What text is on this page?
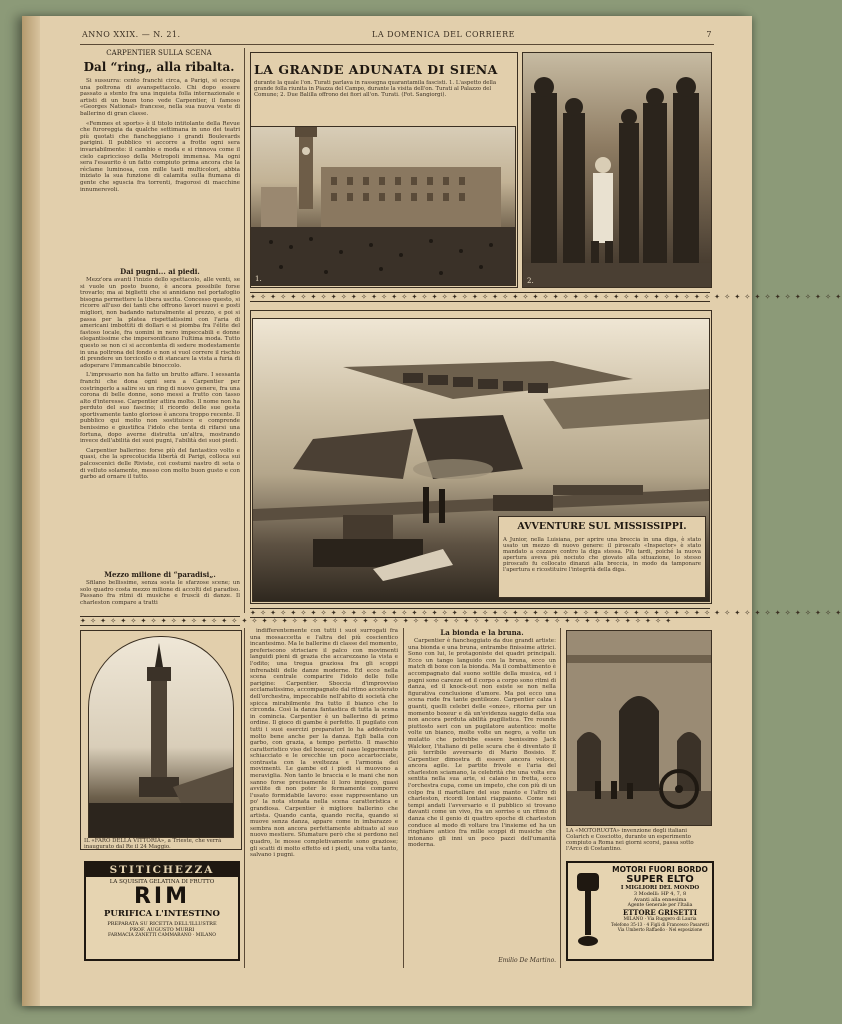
ANNO XXIX. — N. 21.	LA DOMENICA DEL CORRIERE	7
CARPENTIER SULLA SCENA
Dal “ring„ alla ribalta.

Si sussurra: cento franchi circa, a Parigi, si occupa una poltrona di avanspettacolo. Chi dopo essere passato a stento fra una inquieta folla internazionale e artisti di un buon tono vede Carpentier, il famoso «Georges National» francese, nella sua nuova veste di ballerino di gran classe.

«Femmes et sports» è il titolo intitolante della Revue che furoreggia da qualche settimana in uno dei teatri più quotati che fiancheggiano i grandi Boulevards parigini. Il pubblico vi accorre a frotte ogni sera invariabilmente: il cambio e moda e si rinnova come il cielo capriccioso della Metropoli immensa. Ma ogni sera l'esaurito è un fatto compiuto prima ancora che la réclame luminosa, con mille tasti multicolori, abbia iniziato la sua funzione di calamita sulla fiumana di gente che sguscia fra torrenti, fragorosi di macchine innumerevoli.

Dai pugni... ai piedi.

Mezz'ora avanti l'inizio dello spettacolo, alle venti, se si vuole un posto buono, è ancora possibile forse trovarlo; ma ai biglietti che si annidano nel portafoglio bisogna permettere la libera uscita. Concesso questo, si ricorre all'uso dei tanti che offrono lavori nuovi e posti migliori, non badando naturalmente al prezzo, e poi si passa per la platea rispettatissimi con l'aria di americani imbottiti di dollari e si piomba fra l'élite del fastoso locale, fra uomini in nero impeccabili e donne elegantissime che impersonificano l'ultima moda. Tutto questo se non ci si accontenta di sedere modestamente in una poltrona del fondo e non si vuol correre il rischio di prendere un torcicollo o di stancare la vista a furia di adoperare l'immancabile binoccolo.

L'impresario non ha fatto un brutto affare. I sessanta franchi che dona ogni sera a Carpentier per costringerlo a salire su un ring di nuovo genere, fra una corona di belle donne, sono messi a frutto con tasso alto d'interesse. Carpentier attira molto. Il nome non ha perduto del suo fascino; il ricordo delle sue gesta sportivamente tanto gloriose è ancora troppo recente. Il pubblico qui molto non sostituisce e comprende benissimo e giustifica l'idolo che tenta di rifarsi una fortuna, dopo averne distrutta un'altra, mostrando invece dell'abilità dei suoi pugni, l'abilità dei suoi piedi.

Carpentier ballerino: forse più del fantastico volto e quasi, che la sprecolucida libertà di Parigi, colloca sui palcoscenici delle Riviste, coi costumi nastro di seta o di velluto solamente, messo con molto buon gusto e con garbo ad ornare il tutto.

Mezzo milione di “paradisi„.

Sfilano bellissime, senza sosta le sfarzose scene; un solo quadro costa mezzo milione di accolti del paradiso. Passano fra ritmi di musiche e fruscìi di danze. Il charleston compare a tratti

LA GRANDE ADUNATA DI SIENA
durante la quale l'on. Turati parlava in rassegna quarantamila fascisti. 1. L'aspetto della grande folla riunita in Piazza del Campo, durante la visita dell'on. Turati al Palazzo del Comune; 2. Due Balilla offrono dei fiori all'on. Turati. (Fot. Sangiorgi).
1.	2.
✦ ✧ ✦ ✧ ✦ ✧ ✦ ✧ ✦ ✧ ✦ ✧ ✦ ✧ ✦ ✧ ✦ ✧ ✦ ✧ ✦ ✧ ✦ ✧ ✦ ✧ ✦ ✧ ✦ ✧ ✦ ✧ ✦ ✧ ✦ ✧ ✦ ✧ ✦ ✧ ✦ ✧ ✦ ✧ ✦ ✧ ✦ ✧ ✦ ✧ ✦ ✧ ✦ ✧ ✦ ✧ ✦ ✧ ✦
AVVENTURE SUL MISSISSIPPI.
A Junior, nella Luisiana, per aprire una breccia in una diga, è stato usato un mezzo di nuovo genere: il piroscafo «Inspector» è stato mandato a cozzare contro la diga stessa. Più tardi, poiché la nuova apertura aveva più nociuto che giovato alla situazione, lo stesso piroscafo fu collocato dinanzi alla breccia, in modo da tamponare l'apertura e ricostituire l'integrità della diga.
✦ ✧ ✦ ✧ ✦ ✧ ✦ ✧ ✦ ✧ ✦ ✧ ✦ ✧ ✦ ✧ ✦ ✧ ✦ ✧ ✦ ✧ ✦ ✧ ✦ ✧ ✦ ✧ ✦ ✧ ✦ ✧ ✦ ✧ ✦ ✧ ✦ ✧ ✦ ✧ ✦ ✧ ✦ ✧ ✦ ✧ ✦ ✧ ✦ ✧ ✦ ✧ ✦ ✧ ✦ ✧ ✦ ✧ ✦
✦ ✧ ✦ ✧ ✦ ✧ ✦ ✧ ✦ ✧ ✦ ✧ ✦ ✧ ✦ ✧ ✦ ✧ ✦ ✧ ✦ ✧ ✦ ✧ ✦ ✧ ✦ ✧ ✦ ✧ ✦ ✧ ✦ ✧ ✦ ✧ ✦ ✧ ✦ ✧ ✦ ✧ ✦ ✧ ✦ ✧ ✦ ✧ ✦ ✧ ✦ ✧ ✦ ✧ ✦ ✧ ✦ ✧ ✦
IL «FARO DELLA VITTORIA», a Trieste, che verrà inaugurato dal Re il 24 Maggio.
STITICHEZZA
LA SQUISITA GELATINA DI FRUTTO
RIM
PURIFICA L'INTESTINO
PREPARATA SU RICETTA DELL'ILLUSTRE
PROF. AUGUSTO MURRI
FARMACIA ZANETTI CAMMARANO · MILANO

indifferentemente con tutti i suoi surrogati fra una mossaccetta e l'altra del più coscientico incantesimo. Ma le ballerine di classe del momento, preferiscono strisciare il palco con movimenti languidi pieni di grazia che accarezzano la vista e l'odito; una tregua graziosa fra gli scoppi infrenabili delle danze moderne. Ed ecco nella scena centrale comparire l'idolo delle folle parigine: Carpentier. Sboccia d'improvviso acclamatissimo, accompagnato dal ritmo accelerato dell'orchestra, impeccabile nell'abito di società che spicca mirabilmente fra tutto il bianco che lo circonda. Così la danza fantastica di tutta la scena in comincia. Carpentier è un ballerino di primo ordine. Il gioco di gambe è perfetto. Il pugilato con tutti i suoi esercizi preparatori lo ha addestrato molto bene anche per la danza. Egli balla con garbo, con grazia, a tempo perfetto. Il maschio caratteristico viso del boxeur, col naso leggermente schiacciato e le orecchie un poco accartocciate, contrasta con la sveltezza e l'armonia dei movimenti. Le gambe ed i piedi si muovono a meraviglia. Non tanto le braccia e le mani che non sanno forse precisamente il loro impiego, quasi avvilite di non poter le fermamente comporre l'usato formidabile lavoro: esse rappresentano un po' la nota stonata nella scena caratteristica e grandiosa. Carpentier è migliore ballerino che artista. Quando canta, quando recita, quando si muove senza danza, appare come in imbarazzo e sembra non ancora perfettamente abituato al suo nuovo mestiere. Sfumature però che si perdono nel quadro, le mosse completivamente sono graziose; gli scatti di molto effetto ed i piedi, una volta tanto, salvano i pugni.

La bionda e la bruna.

Carpentier è fiancheggiato da due grandi artiste: una bionda e una bruna, entrambe finissime attrici. Sono con lui, le protagoniste dei quadri principali. Ecco un tango languido con la bruna, ecco un match di boxe con la bionda. Ma il combattimento è accompagnato dal suono sottile della musica, ed i pugni sono carezze ed il corpo a corpo sono ritmi di danza, ed il knock-out non esiste se non nella figurativa conclusione d'amore. Ma poi ecco una scena rude fra tante gentilezze. Carpentier calza i guanti, quelli celebri delle «onze», ritorna per un momento boxeur e dà un'evidenza saggio della sua non ancora perduta abilità pugilistica. Tre rounds piuttosto seri con un pugilatore autentico: molte volte un bianco, molte volte un negro, a volte un mulatto che potrebbe essere benissimo Jack Walcker, l'italiano di pelle scura che è diventato il più terribile avversario di Mario Bosisio. E Carpentier dimostra di essere ancora veloce, ancora agile. Le partite frivole e l'aria del charleston sciamano, la celebrità che una volta era sentita nella sua arte, si calano in fretta, ecco l'orchestra cupa, come un impeto, che con più di un colpo fra il martellare del suo manto e l'altro di charleston, ricordi lontani riappaiono. Come nei tempi andati l'avversario e il pubblico si trovano davanti come un vivo, fra un sorriso e un ritmo di danza che il genio di quattro epoche di charleston conduce al modo di voltare tra l'insieme ed ha un ringhiare antico fra mille scoppi di musiche che intonano gli inni un poco pazzi dell'umanità moderna.

Emilio De Martino.
LA «MOTORUOTA» invenzione degli italiani Colarich e Cosciotto, durante un esperimento compiuto a Roma nei giorni scorsi, passa sotto l'Arco di Costantino.
MOTORI FUORI BORDO
SUPER ELTO
I MIGLIORI DEL MONDO
3 Modelli: HP 4, 7, 8
Avanti alla ennesima
Agente Generale per l'Italia
ETTORE GRISETTI
MILANO · Via Ruggero di Lauria
Telefono 35-13 · 4 Figli di Francesco Pasaretti
Via Umberto Raffaello · Nel esposizione
